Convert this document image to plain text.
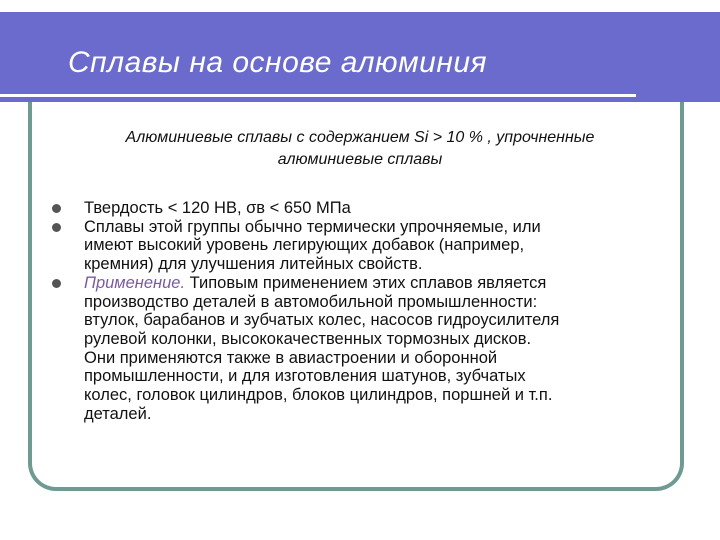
Сплавы на основе алюминия
Алюминиевые сплавы с содержанием Si > 10 % , упрочненные
алюминиевые сплавы
Твердость < 120 НВ, σв < 650 МПа
Сплавы этой группы обычно термически упрочняемые, или
имеют высокий уровень легирующих добавок (например,
кремния) для улучшения литейных свойств.
Применение. Типовым применением этих сплавов является
производство деталей в автомобильной промышленности:
втулок, барабанов и зубчатых колес, насосов гидроусилителя
рулевой колонки, высококачественных тормозных дисков.
Они применяются также в авиастроении и оборонной
промышленности, и для изготовления шатунов, зубчатых
колес, головок цилиндров, блоков цилиндров, поршней и т.п.
деталей.
